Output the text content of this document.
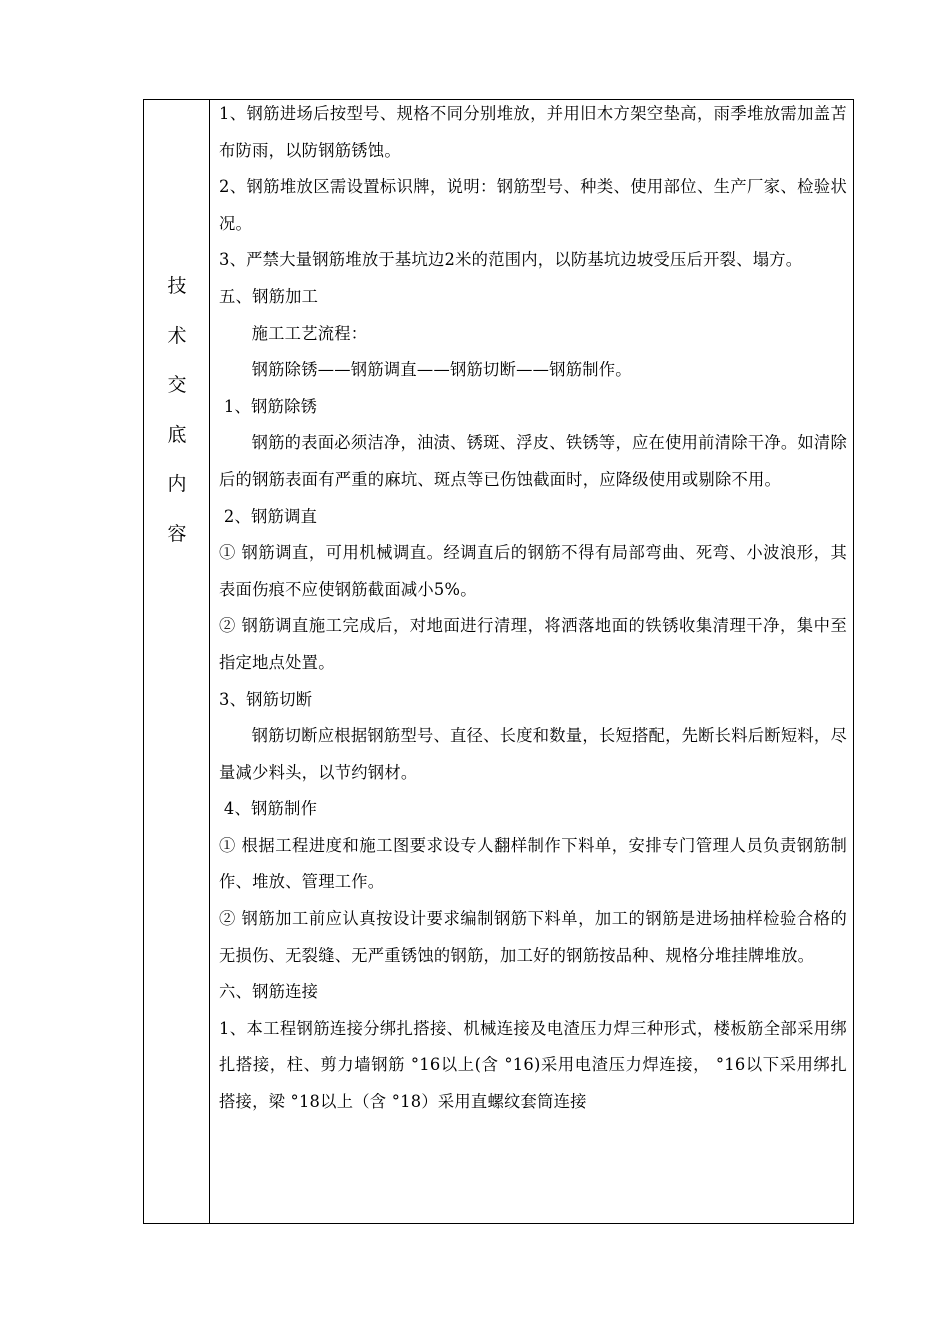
技
术
交
底
内
容

1、钢筋进场后按型号、规格不同分别堆放，并用旧木方架空垫高，雨季堆放需加盖苫布防雨，以防钢筋锈蚀。

2、钢筋堆放区需设置标识牌，说明：钢筋型号、种类、使用部位、生产厂家、检验状况。

3、严禁大量钢筋堆放于基坑边2米的范围内，以防基坑边坡受压后开裂、塌方。

五、钢筋加工

施工工艺流程：

钢筋除锈——钢筋调直——钢筋切断——钢筋制作。

1、钢筋除锈

钢筋的表面必须洁净，油渍、锈斑、浮皮、铁锈等，应在使用前清除干净。如清除后的钢筋表面有严重的麻坑、斑点等已伤蚀截面时，应降级使用或剔除不用。

2、钢筋调直

① 钢筋调直，可用机械调直。经调直后的钢筋不得有局部弯曲、死弯、小波浪形，其表面伤痕不应使钢筋截面减小5%。

② 钢筋调直施工完成后，对地面进行清理，将洒落地面的铁锈收集清理干净，集中至指定地点处置。

3、钢筋切断

钢筋切断应根据钢筋型号、直径、长度和数量，长短搭配，先断长料后断短料，尽量减少料头，以节约钢材。

4、钢筋制作

① 根据工程进度和施工图要求设专人翻样制作下料单，安排专门管理人员负责钢筋制作、堆放、管理工作。

② 钢筋加工前应认真按设计要求编制钢筋下料单，加工的钢筋是进场抽样检验合格的无损伤、无裂缝、无严重锈蚀的钢筋，加工好的钢筋按品种、规格分堆挂牌堆放。

六、钢筋连接

1、本工程钢筋连接分绑扎搭接、机械连接及电渣压力焊三种形式，楼板筋全部采用绑扎搭接，柱、剪力墙钢筋 °16以上(含 °16)采用电渣压力焊连接， °16以下采用绑扎搭接，梁 °18以上（含 °18）采用直螺纹套筒连接
